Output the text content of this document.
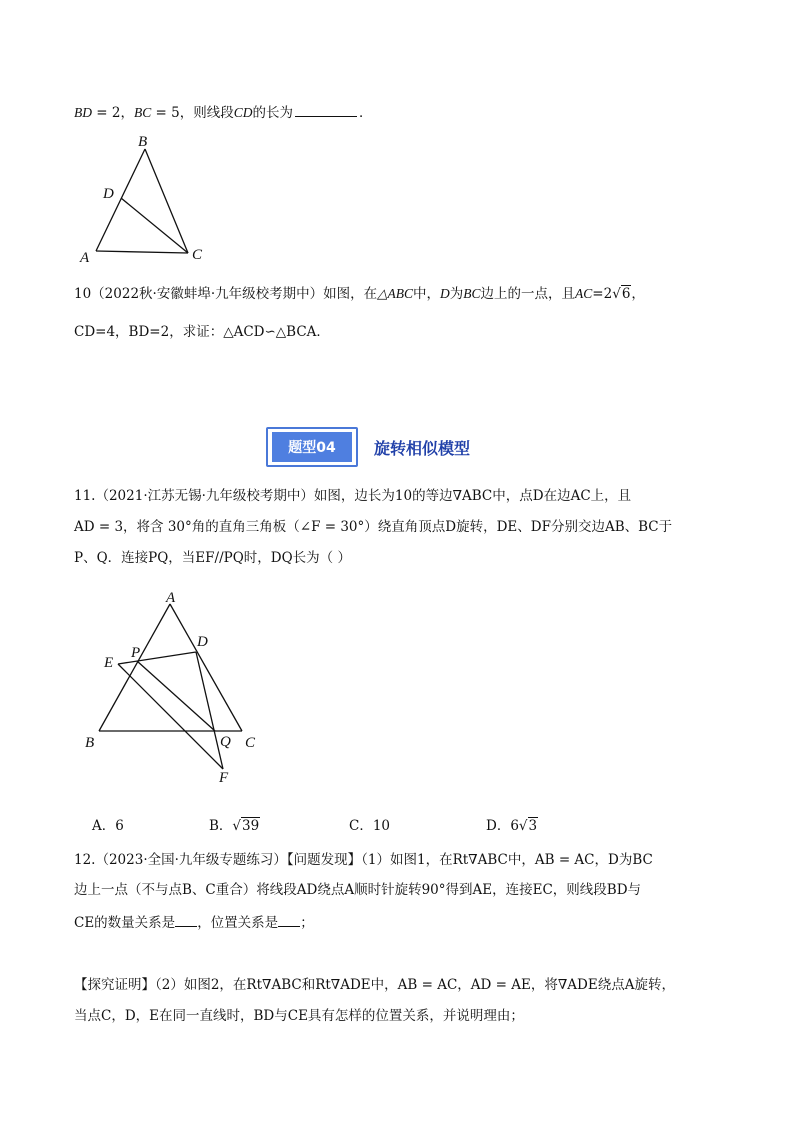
BD = 2，BC = 5，则线段CD的长为	．
B
D
A	C
10（2022秋·安徽蚌埠·九年级校考期中）如图，在△ABC中，D为BC边上的一点，且AC=2√6，
CD=4，BD=2，求证：△ACD∽△BCA．
题型04	旋转相似模型
11.（2021·江苏无锡·九年级校考期中）如图，边长为10的等边∇ABC中，点D在边AC上，且
AD = 3，将含 30°角的直角三角板（∠F = 30°）绕直角顶点D旋转，DE、DF分别交边AB、BC于
P、Q．连接PQ，当EF//PQ时，DQ长为（ ）
A
D
E
P
B	Q C
F
A．6	B．√39	C．10	D．6√3
12.（2023·全国·九年级专题练习）【问题发现】（1）如图1，在Rt∇ABC中，AB = AC，D为BC
边上一点（不与点B、C重合）将线段AD绕点A顺时针旋转90°得到AE，连接EC，则线段BD与
CE的数量关系是 ，位置关系是 ；
【探究证明】（2）如图2，在Rt∇ABC和Rt∇ADE中，AB = AC，AD = AE，将∇ADE绕点A旋转，
当点C，D，E在同一直线时，BD与CE具有怎样的位置关系，并说明理由；
